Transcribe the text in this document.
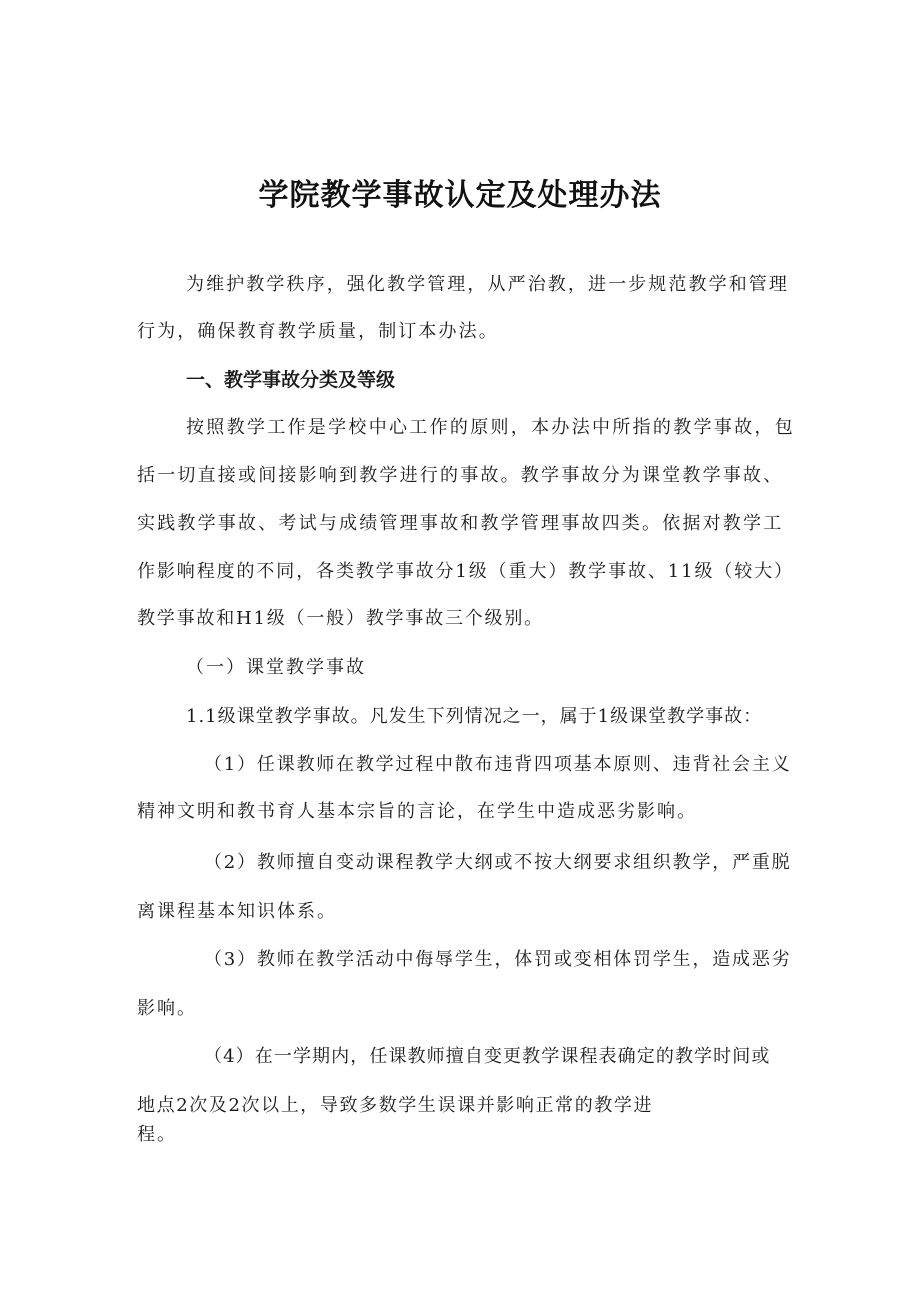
学院教学事故认定及处理办法
为维护教学秩序，强化教学管理，从严治教，进一步规范教学和管理
行为，确保教育教学质量，制订本办法。
一、教学事故分类及等级
按照教学工作是学校中心工作的原则，本办法中所指的教学事故，包
括一切直接或间接影响到教学进行的事故。教学事故分为课堂教学事故、
实践教学事故、考试与成绩管理事故和教学管理事故四类。依据对教学工
作影响程度的不同，各类教学事故分1级（重大）教学事故、11级（较大）
教学事故和H1级（一般）教学事故三个级别。
（一）课堂教学事故
1.1级课堂教学事故。凡发生下列情况之一，属于1级课堂教学事故：
（1）任课教师在教学过程中散布违背四项基本原则、违背社会主义
精神文明和教书育人基本宗旨的言论，在学生中造成恶劣影响。
（2）教师擅自变动课程教学大纲或不按大纲要求组织教学，严重脱
离课程基本知识体系。
（3）教师在教学活动中侮辱学生，体罚或变相体罚学生，造成恶劣
影响。
（4）在一学期内，任课教师擅自变更教学课程表确定的教学时间或
地点2次及2次以上，导致多数学生误课并影响正常的教学进
程。
